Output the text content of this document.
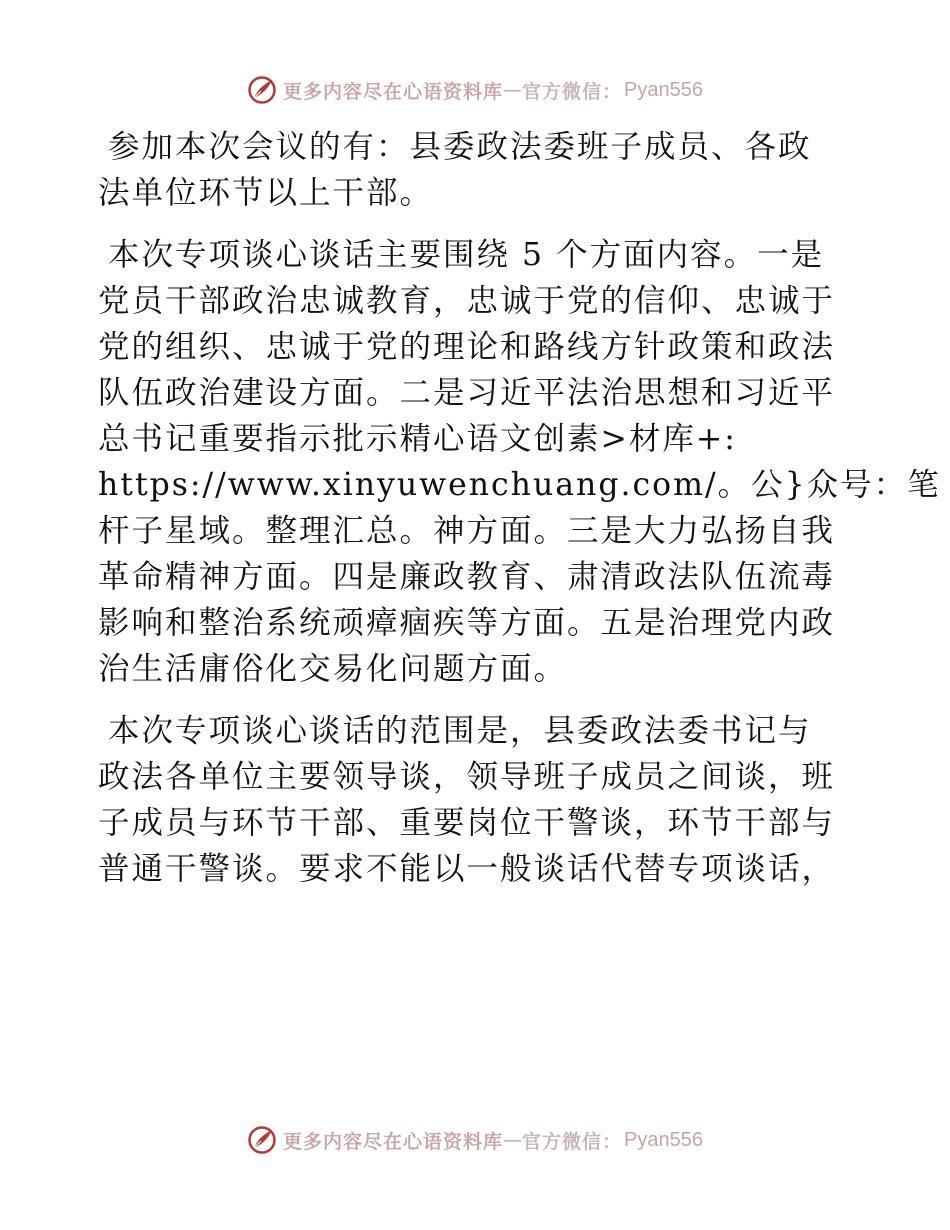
更多内容尽在心语资料库 — 官方微信： Pyan556
参加本次会议的有：县委政法委班子成员、各政
法单位环节以上干部。
本次专项谈心谈话主要围绕 5 个方面内容。一是
党员干部政治忠诚教育，忠诚于党的信仰、忠诚于
党的组织、忠诚于党的理论和路线方针政策和政法
队伍政治建设方面。二是习近平法治思想和习近平
总书记重要指示批示精心语文创素>材库+:
https://www.xinyuwenchuang.com/。公}众号：笔
杆子星域。整理汇总。神方面。三是大力弘扬自我
革命精神方面。四是廉政教育、肃清政法队伍流毒
影响和整治系统顽瘴痼疾等方面。五是治理党内政
治生活庸俗化交易化问题方面。
本次专项谈心谈话的范围是，县委政法委书记与
政法各单位主要领导谈，领导班子成员之间谈，班
子成员与环节干部、重要岗位干警谈，环节干部与
普通干警谈。要求不能以一般谈话代替专项谈话，
更多内容尽在心语资料库 — 官方微信： Pyan556
